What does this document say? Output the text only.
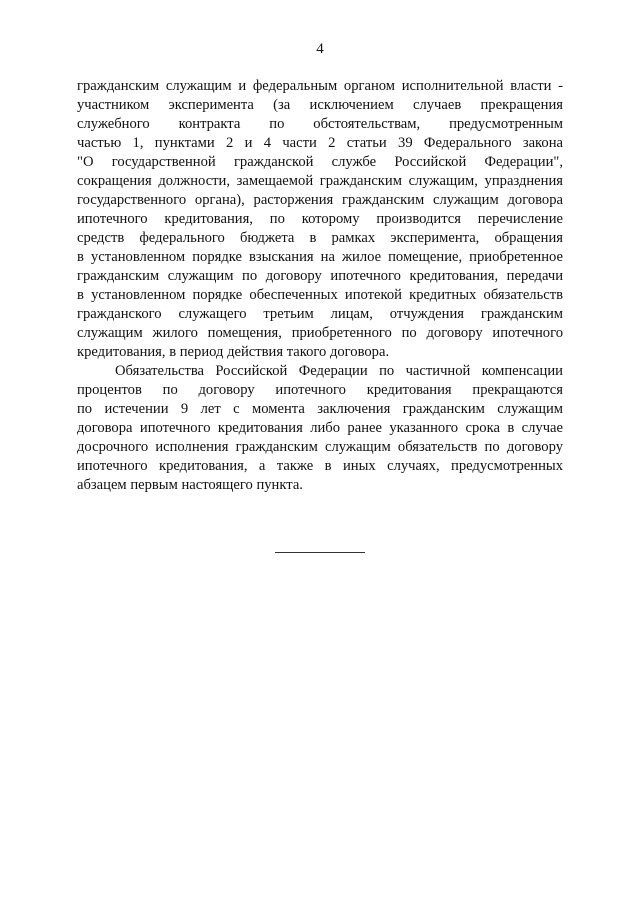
4
гражданским служащим и федеральным органом исполнительной власти -
участником эксперимента (за исключением случаев прекращения
служебного контракта по обстоятельствам, предусмотренным
частью 1, пунктами 2 и 4 части 2 статьи 39 Федерального закона
"О государственной гражданской службе Российской Федерации",
сокращения должности, замещаемой гражданским служащим, упразднения
государственного органа), расторжения гражданским служащим договора
ипотечного кредитования, по которому производится перечисление
средств федерального бюджета в рамках эксперимента, обращения
в установленном порядке взыскания на жилое помещение, приобретенное
гражданским служащим по договору ипотечного кредитования, передачи
в установленном порядке обеспеченных ипотекой кредитных обязательств
гражданского служащего третьим лицам, отчуждения гражданским
служащим жилого помещения, приобретенного по договору ипотечного
кредитования, в период действия такого договора.
Обязательства Российской Федерации по частичной компенсации
процентов по договору ипотечного кредитования прекращаются
по истечении 9 лет с момента заключения гражданским служащим
договора ипотечного кредитования либо ранее указанного срока в случае
досрочного исполнения гражданским служащим обязательств по договору
ипотечного кредитования, а также в иных случаях, предусмотренных
абзацем первым настоящего пункта.
